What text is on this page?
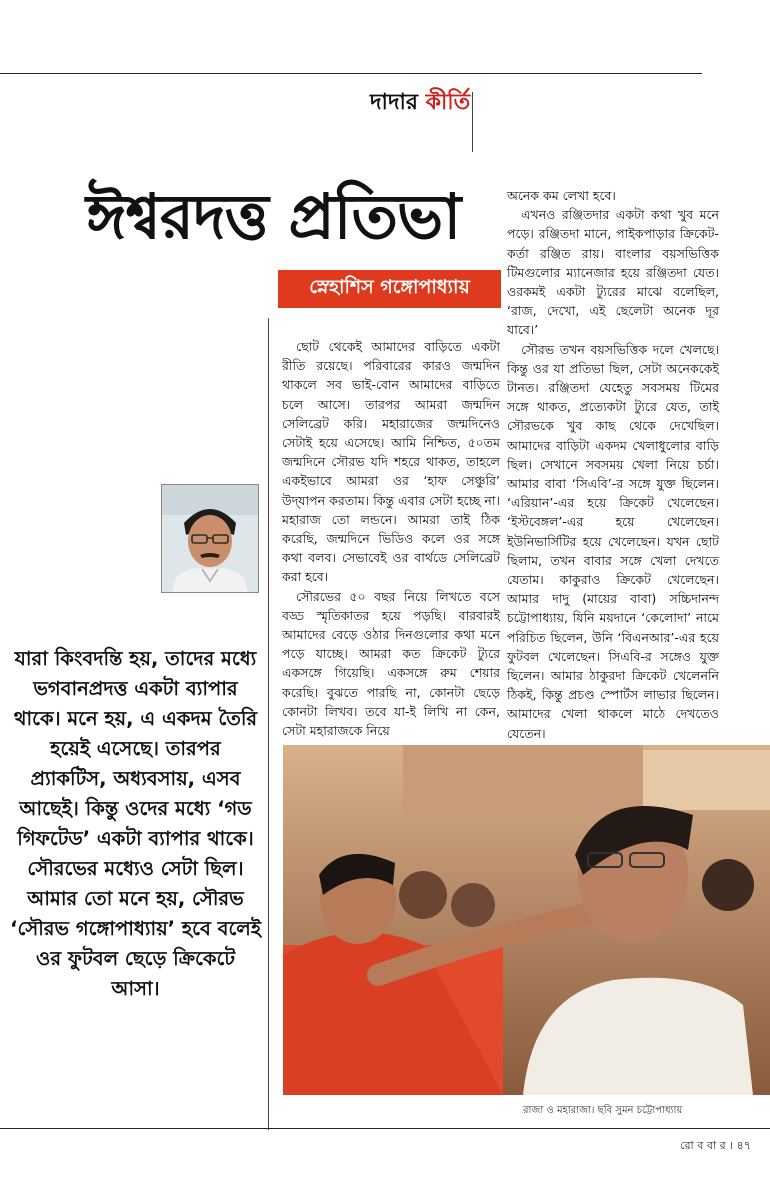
দাদার কীর্তি
ঈশ্বরদত্ত প্রতিভা
স্নেহাশিস গঙ্গোপাধ্যায়

ছোট থেকেই আমাদের বাড়িতে একটা রীতি রয়েছে। পরিবারের কারও জন্মদিন থাকলে সব ভাই-বোন আমাদের বাড়িতে চলে আসে। তারপর আমরা জন্মদিন সেলিব্রেট করি। মহারাজের জন্মদিনেও সেটাই হয়ে এসেছে। আমি নিশ্চিত, ৫০তম জন্মদিনে সৌরভ যদি শহরে থাকত, তাহলে একইভাবে আমরা ওর ‘হাফ সেঞ্চুরি’ উদ্‌যাপন করতাম। কিন্তু এবার সেটা হচ্ছে না। মহারাজ তো লন্ডনে। আমরা তাই ঠিক করেছি, জন্মদিনে ভিডিও কলে ওর সঙ্গে কথা বলব। সেভাবেই ওর বার্থডে সেলিব্রেট করা হবে।

সৌরভের ৫০ বছর নিয়ে লিখতে বসে বড্ড স্মৃতিকাতর হয়ে পড়ছি। বারবারই আমাদের বেড়ে ওঠার দিনগুলোর কথা মনে পড়ে যাচ্ছে। আমরা কত ক্রিকেট ট্যুরে একসঙ্গে গিয়েছি। একসঙ্গে রুম শেয়ার করেছি। বুঝতে পারছি না, কোনটা ছেড়ে কোনটা লিখব। তবে যা-ই লিখি না কেন, সেটা মহারাজকে নিয়ে

অনেক কম লেখা হবে।

এখনও রঞ্জিতদার একটা কথা খুব মনে পড়ে। রঞ্জিতদা মানে, পাইকপাড়ার ক্রিকেট-কর্তা রঞ্জিত রায়। বাংলার বয়সভিত্তিক টিমগুলোর ম্যানেজার হয়ে রঞ্জিতদা যেত। ওরকমই একটা ট্যুরের মাঝে বলেছিল, ‘রাজ, দেখো, এই ছেলেটা অনেক দূর যাবে।’

সৌরভ তখন বয়সভিত্তিক দলে খেলছে। কিন্তু ওর যা প্রতিভা ছিল, সেটা অনেককেই টানত। রঞ্জিতদা যেহেতু সবসময় টিমের সঙ্গে থাকত, প্রত্যেকটা ট্যুরে যেত, তাই সৌরভকে খুব কাছ থেকে দেখেছিল। আমাদের বাড়িটা একদম খেলাধুলোর বাড়ি ছিল। সেখানে সবসময় খেলা নিয়ে চর্চা। আমার বাবা ‘সিএবি’-র সঙ্গে যুক্ত ছিলেন। ‘এরিয়ান’-এর হয়ে ক্রিকেট খেলেছেন। ‘ইস্টবেঙ্গল’-এর হয়ে খেলেছেন। ইউনিভার্সিটির হয়ে খেলেছেন। যখন ছোট ছিলাম, তখন বাবার সঙ্গে খেলা দেখতে যেতাম। কাকুরাও ক্রিকেট খেলেছেন। আমার দাদু (মায়ের বাবা) সচ্চিদানন্দ চট্টোপাধ্যায়, যিনি ময়দানে ‘কেলোদা’ নামে পরিচিত ছিলেন, উনি ‘বিএনআর’-এর হয়ে ফুটবল খেলেছেন। সিএবি-র সঙ্গেও যুক্ত ছিলেন। আমার ঠাকুরদা ক্রিকেট খেলেননি ঠিকই, কিন্তু প্রচণ্ড স্পোর্টস লাভার ছিলেন। আমাদের খেলা থাকলে মাঠে দেখতেও যেতেন।

যারা কিংবদন্তি হয়, তাদের মধ্যে ভগবানপ্রদত্ত একটা ব্যাপার থাকে। মনে হয়, এ একদম তৈরি হয়েই এসেছে। তারপর প্র্যাকটিস, অধ্যবসায়, এসব আছেই। কিন্তু ওদের মধ্যে ‘গড গিফটেড’ একটা ব্যাপার থাকে। সৌরভের মধ্যেও সেটা ছিল। আমার তো মনে হয়, সৌরভ ‘সৌরভ গঙ্গোপাধ্যায়’ হবে বলেই ওর ফুটবল ছেড়ে ক্রিকেটে আসা।
রাজা ও মহারাজা। ছবি সুমন চট্টোপাধ্যায়
রো ব বা র । ৪৭
